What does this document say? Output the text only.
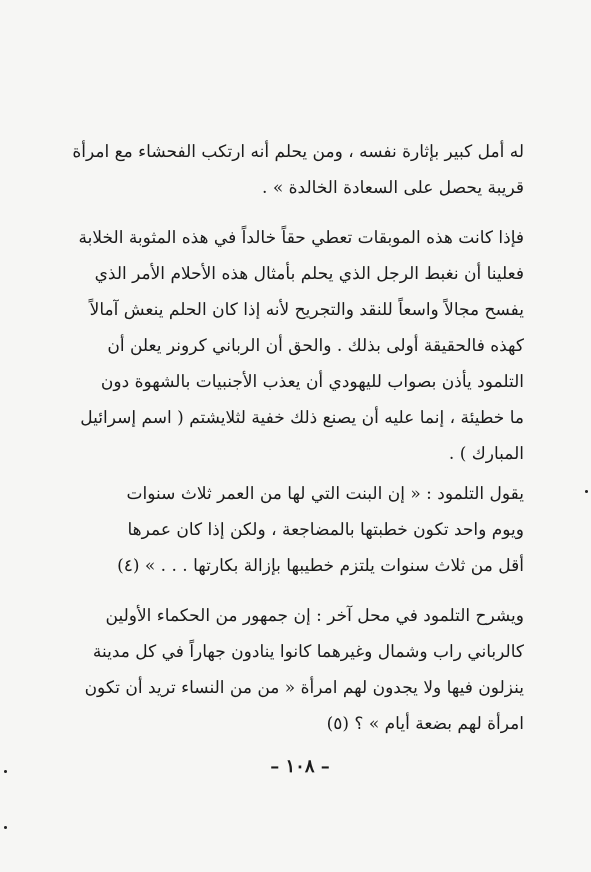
له أمل كبير بإثارة نفسه ، ومن يحلم أنه ارتكب الفحشاء مع امرأة
قريبة يحصل على السعادة الخالدة » .
فإذا كانت هذه الموبقات تعطي حقاً خالداً في هذه المثوبة الخلابة
فعلينا أن نغبط الرجل الذي يحلم بأمثال هذه الأحلام الأمر الذي
يفسح مجالاً واسعاً للنقد والتجريح لأنه إذا كان الحلم ينعش آمالاً
كهذه فالحقيقة أولى بذلك . والحق أن الرباني كرونر يعلن أن
التلمود يأذن بصواب لليهودي أن يعذب الأجنبيات بالشهوة دون
ما خطيئة ، إنما عليه أن يصنع ذلك خفية لثلايشتم ( اسم إسرائيل
المبارك ) .
يقول التلمود : « إن البنت التي لها من العمر ثلاث سنوات
ويوم واحد تكون خطبتها بالمضاجعة ، ولكن إذا كان عمرها
أقل من ثلاث سنوات يلتزم خطيبها بإزالة بكارتها . . . » (٤)
ويشرح التلمود في محل آخر : إن جمهور من الحكماء الأولين
كالرباني راب وشمال وغيرهما كانوا ينادون جهاراً في كل مدينة
ينزلون فيها ولا يجدون لهم امرأة « من من النساء تريد أن تكون
امرأة لهم بضعة أيام » ؟ (٥)
– ١٠٨ –
